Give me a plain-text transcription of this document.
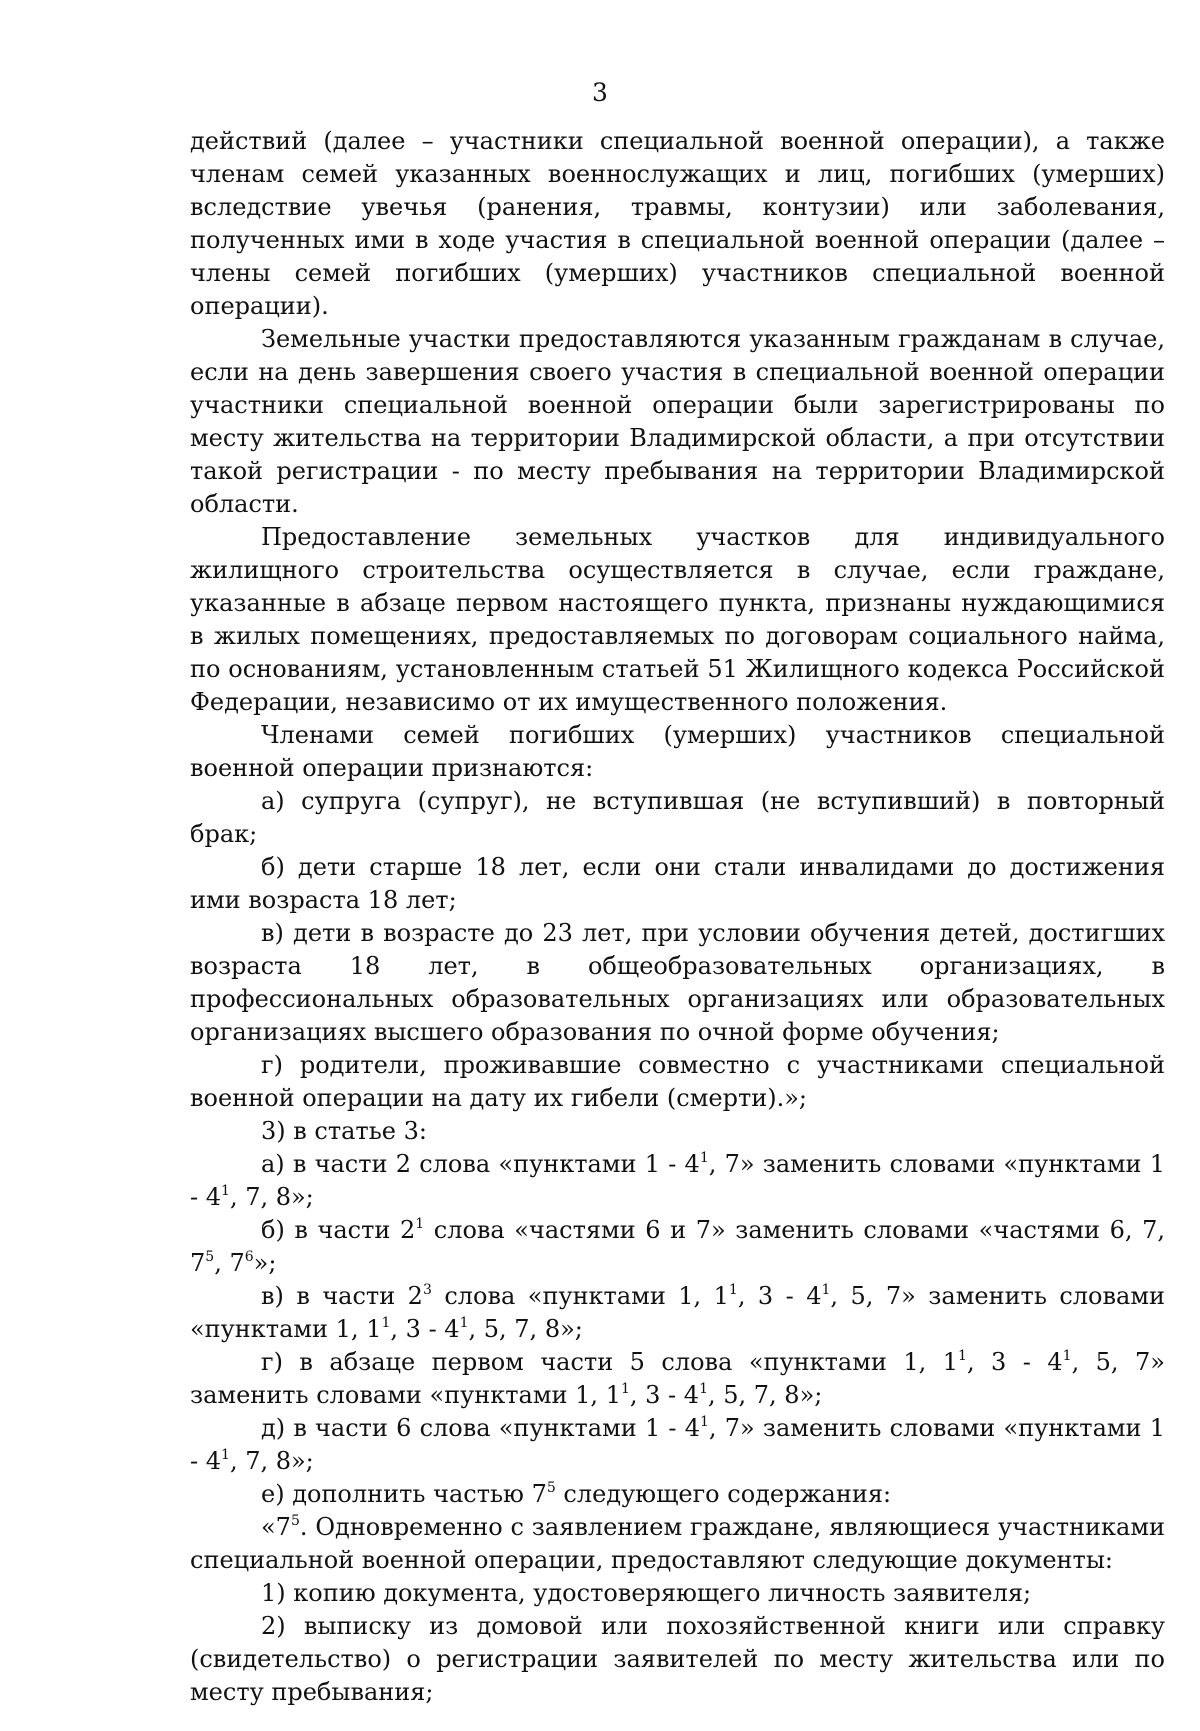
3

действий (далее – участники специальной военной операции), а также членам семей указанных военнослужащих и лиц, погибших (умерших) вследствие увечья (ранения, травмы, контузии) или заболевания, полученных ими в ходе участия в специальной военной операции (далее – члены семей погибших (умерших) участников специальной военной операции).

Земельные участки предоставляются указанным гражданам в случае, если на день завершения своего участия в специальной военной операции участники специальной военной операции были зарегистрированы по месту жительства на территории Владимирской области, а при отсутствии такой регистрации - по месту пребывания на территории Владимирской области.

Предоставление земельных участков для индивидуального жилищного строительства осуществляется в случае, если граждане, указанные в абзаце первом настоящего пункта, признаны нуждающимися в жилых помещениях, предоставляемых по договорам социального найма, по основаниям, установленным статьей 51 Жилищного кодекса Российской Федерации, независимо от их имущественного положения.

Членами семей погибших (умерших) участников специальной военной операции признаются:

а) супруга (супруг), не вступившая (не вступивший) в повторный брак;

б) дети старше 18 лет, если они стали инвалидами до достижения ими возраста 18 лет;

в) дети в возрасте до 23 лет, при условии обучения детей, достигших возраста 18 лет, в общеобразовательных организациях, в профессиональных образовательных организациях или образовательных организациях высшего образования по очной форме обучения;

г) родители, проживавшие совместно с участниками специальной военной операции на дату их гибели (смерти).»;

3) в статье 3:

а) в части 2 слова «пунктами $1 - 4^1$, 7» заменить словами «пунктами $1 - 4^1$, 7, 8»;

б) в части $2^1$ слова «частями 6 и 7» заменить словами «частями 6, 7, $7^5$, $7^6$»;

в) в части $2^3$ слова «пунктами 1, $1^1$, $3 - 4^1$, 5, 7» заменить словами «пунктами 1, $1^1$, $3 - 4^1$, 5, 7, 8»;

г) в абзаце первом части 5 слова «пунктами 1, $1^1$, $3 - 4^1$, 5, 7» заменить словами «пунктами 1, $1^1$, $3 - 4^1$, 5, 7, 8»;

д) в части 6 слова «пунктами $1 - 4^1$, 7» заменить словами «пунктами $1 - 4^1$, 7, 8»;

е) дополнить частью $7^5$ следующего содержания:

«$7^5$. Одновременно с заявлением граждане, являющиеся участниками специальной военной операции, предоставляют следующие документы:

1) копию документа, удостоверяющего личность заявителя;

2) выписку из домовой или похозяйственной книги или справку (свидетельство) о регистрации заявителей по месту жительства или по месту пребывания;
